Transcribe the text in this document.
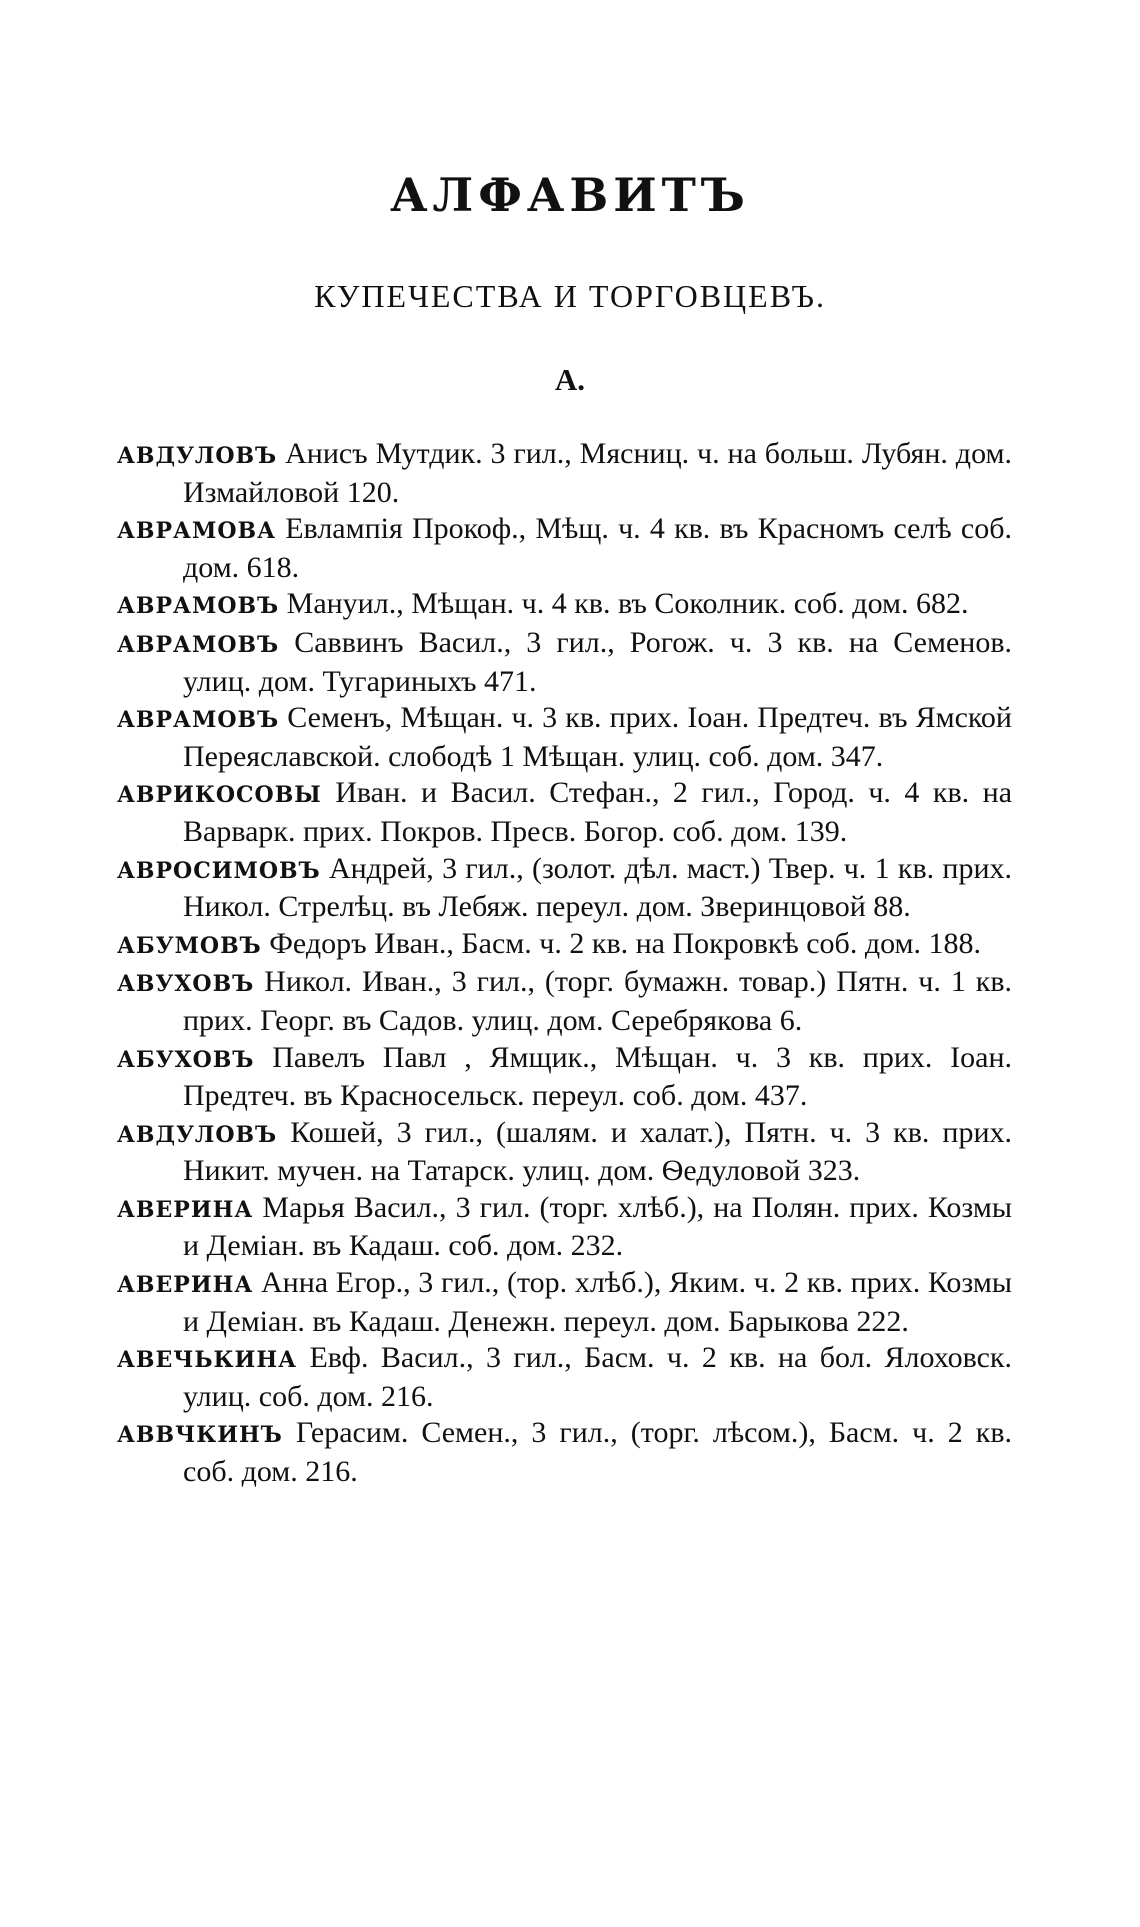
АЛФАВИТЪ
КУПЕЧЕСТВА И ТОРГОВЦЕВЪ.
А.

АВДУЛОВЪ Анисъ Мутдик. 3 гил., Мясниц. ч. на больш. Лубян. дом. Измайловой 120.

АВРАМОВА Евлампія Прокоф., Мѣщ. ч. 4 кв. въ Красномъ селѣ соб. дом. 618.

АВРАМОВЪ Мануил., Мѣщан. ч. 4 кв. въ Соколник. соб. дом. 682.

АВРАМОВЪ Саввинъ Васил., 3 гил., Рогож. ч. 3 кв. на Семенов. улиц. дом. Тугариныхъ 471.

АВРАМОВЪ Семенъ, Мѣщан. ч. 3 кв. прих. Іоан. Предтеч. въ Ямской Переяславской. слободѣ 1 Мѣщан. улиц. соб. дом. 347.

АВРИКОСОВЫ Иван. и Васил. Стефан., 2 гил., Город. ч. 4 кв. на Варварк. прих. Покров. Пресв. Богор. соб. дом. 139.

АВРОСИМОВЪ Андрей, 3 гил., (золот. дѣл. маст.) Твер. ч. 1 кв. прих. Никол. Стрелѣц. въ Лебяж. переул. дом. Зверинцовой 88.

АБУМОВЪ Федоръ Иван., Басм. ч. 2 кв. на Покровкѣ соб. дом. 188.

АВУХОВЪ Никол. Иван., 3 гил., (торг. бумажн. товар.) Пятн. ч. 1 кв. прих. Георг. въ Садов. улиц. дом. Серебрякова 6.

АБУХОВЪ Павелъ Павл , Ямщик., Мѣщан. ч. 3 кв. прих. Іоан. Предтеч. въ Красносельск. переул. соб. дом. 437.

АВДУЛОВЪ Кошей, 3 гил., (шалям. и халат.), Пятн. ч. 3 кв. прих. Никит. мучен. на Татарск. улиц. дом. Ѳедуловой 323.

АВЕРИНА Марья Васил., 3 гил. (торг. хлѣб.), на Полян. прих. Козмы и Деміан. въ Кадаш. соб. дом. 232.

АВЕРИНА Анна Егор., 3 гил., (тор. хлѣб.), Яким. ч. 2 кв. прих. Козмы и Деміан. въ Кадаш. Денежн. переул. дом. Барыкова 222.

АВЕЧЬКИНА Евф. Васил., 3 гил., Басм. ч. 2 кв. на бол. Ялоховск. улиц. соб. дом. 216.

АВВЧКИНЪ Герасим. Семен., 3 гил., (торг. лѣсом.), Басм. ч. 2 кв. соб. дом. 216.
